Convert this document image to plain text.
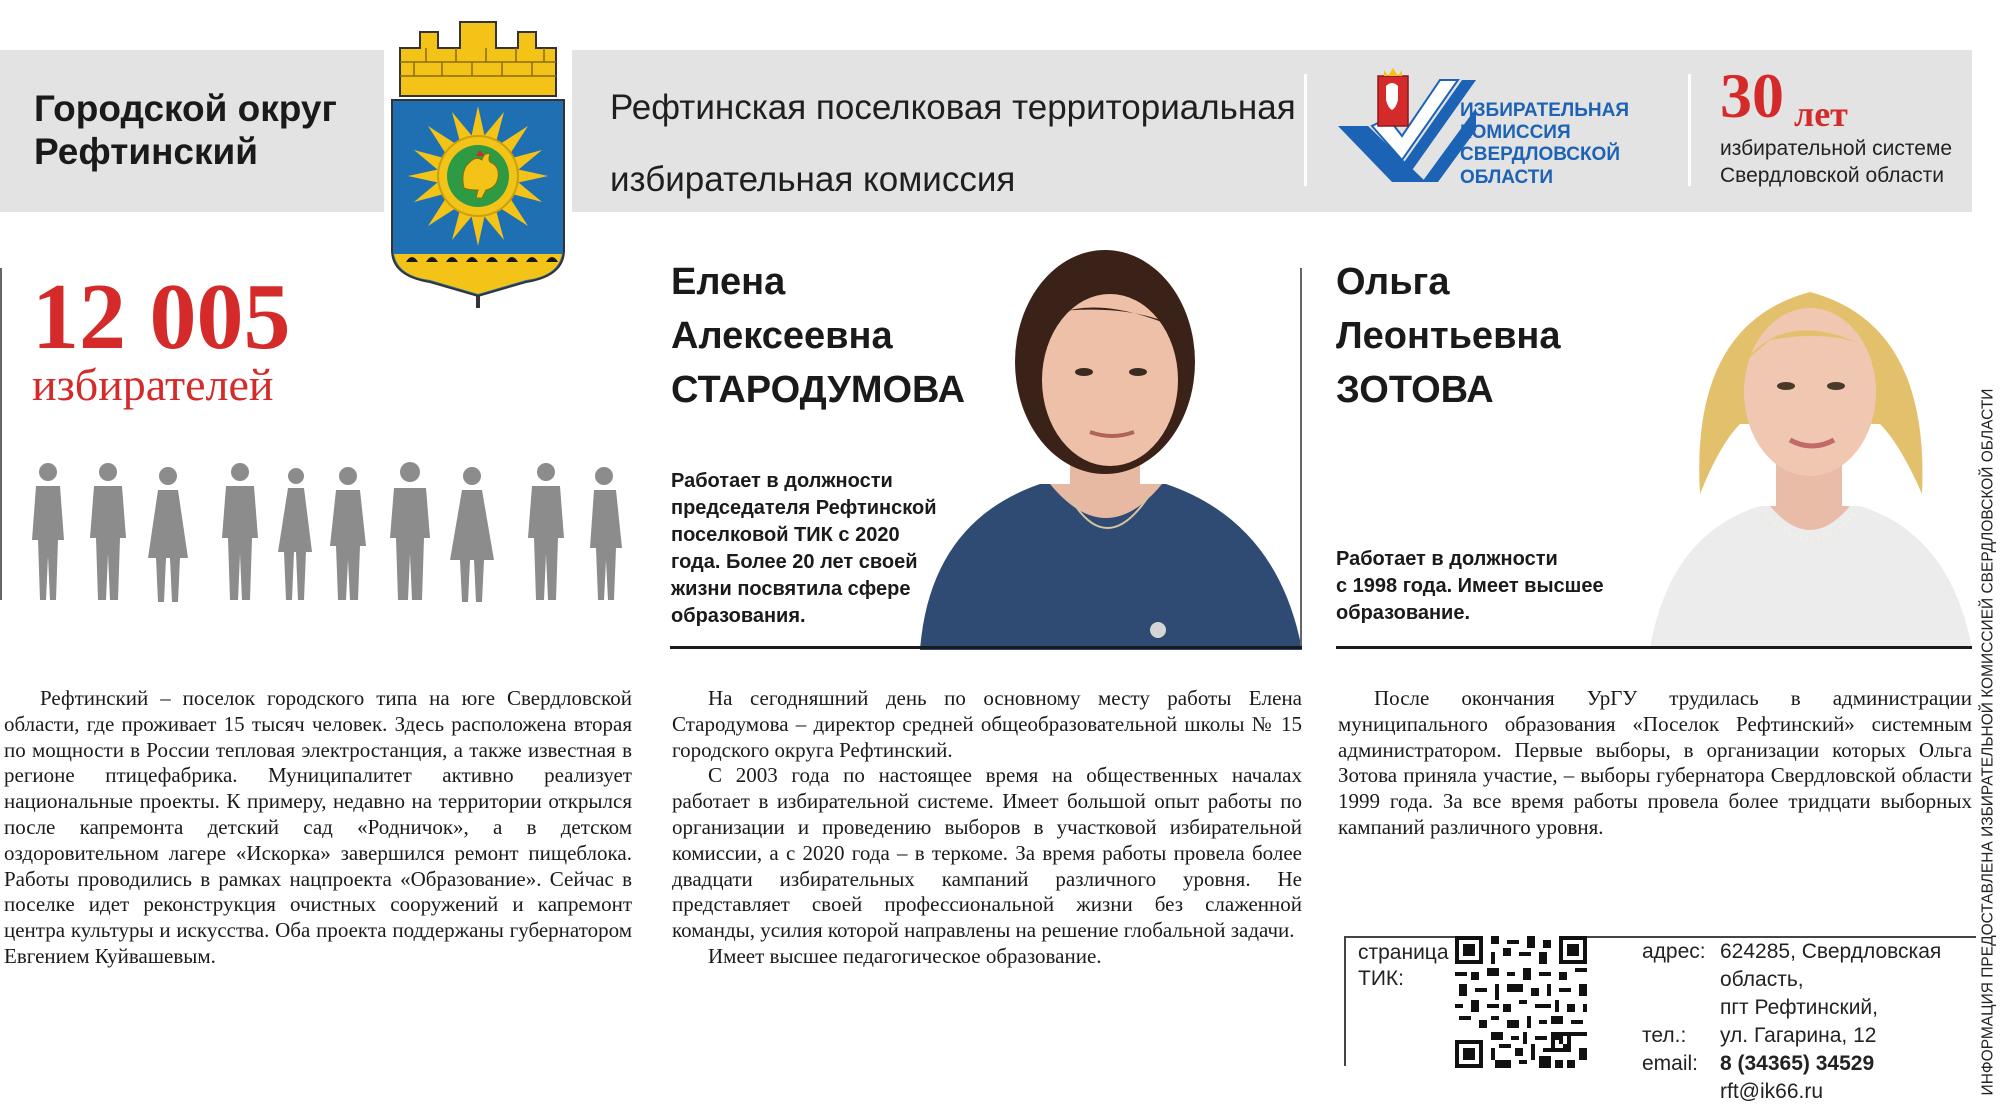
Городской округ
Рефтинский
Рефтинская поселковая территориальная
избирательная комиссия
ИЗБИРАТЕЛЬНАЯ
КОМИССИЯ
СВЕРДЛОВСКОЙ
ОБЛАСТИ
30 лет
избирательной системе
Свердловской области
12 005
избирателей
Елена
Алексеевна
СТАРОДУМОВА
Работает в должности
председателя Рефтинской
поселковой ТИК с 2020
года. Более 20 лет своей
жизни посвятила сфере
образования.
Ольга
Леонтьевна
ЗОТОВА
Работает в должности
с 1998 года. Имеет высшее
образование.

Рефтинский – поселок городского типа на юге Свердловской области, где проживает 15 тысяч человек. Здесь расположена вторая по мощности в России тепловая электростанция, а также известная в регионе птицефабрика. Муниципалитет активно реализует национальные проекты. К примеру, недавно на территории открылся после капремонта детский сад «Родничок», а в детском оздоровительном лагере «Искорка» завершился ремонт пищеблока. Работы проводились в рамках нацпроекта «Образование». Сейчас в поселке идет реконструкция очистных сооружений и капремонт центра культуры и искусства. Оба проекта поддержаны губернатором Евгением Куйвашевым.

На сегодняшний день по основному месту работы Елена Стародумова – директор средней общеобразовательной школы № 15 городского округа Рефтинский.

С 2003 года по настоящее время на общественных началах работает в избирательной системе. Имеет большой опыт работы по организации и проведению выборов в участковой избирательной комиссии, а с 2020 года – в теркоме. За время работы провела более двадцати избирательных кампаний различного уровня. Не представляет своей профессиональной жизни без слаженной команды, усилия которой направлены на решение глобальной задачи.

Имеет высшее педагогическое образование.

После окончания УрГУ трудилась в администрации муниципального образования «Поселок Рефтинский» системным администратором. Первые выборы, в организации которых Ольга Зотова приняла участие, – выборы губернатора Свердловской области 1999 года. За все время работы провела более тридцати выборных кампаний различного уровня.

страница
ТИК:
адрес:

тел.:
email:
624285, Свердловская область,
пгт Рефтинский,
ул. Гагарина, 12
8 (34365) 34529
rft@ik66.ru	ИНФОРМАЦИЯ ПРЕДОСТАВЛЕНА ИЗБИРАТЕЛЬНОЙ КОМИССИЕЙ СВЕРДЛОВСКОЙ ОБЛАСТИ
